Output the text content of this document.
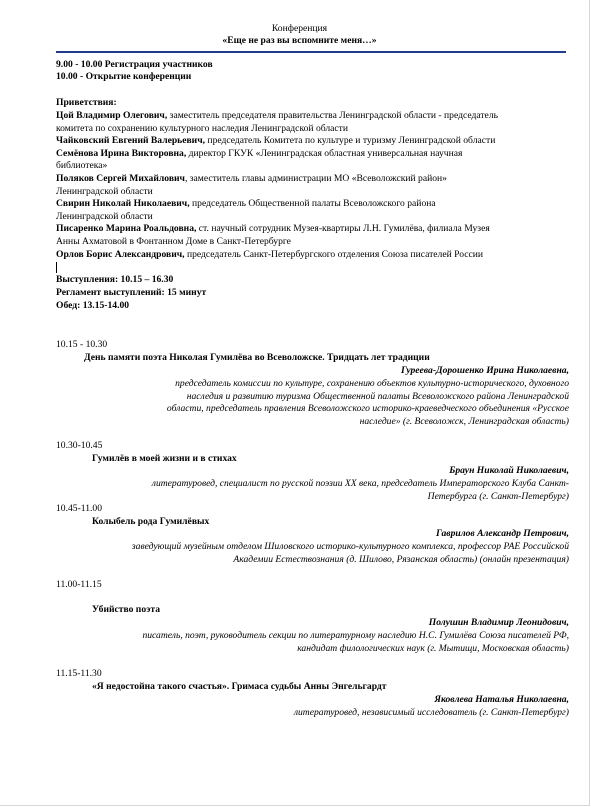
Конференция
«Еще не раз вы вспомните меня…»
9.00 - 10.00 Регистрация участников
10.00 - Открытие конференции
Приветствия:
Цой Владимир Олегович, заместитель председателя правительства Ленинградской области - председатель
комитета по сохранению культурного наследия Ленинградской области
Чайковский Евгений Валерьевич, председатель Комитета по культуре и туризму Ленинградской области
Семёнова Ирина Викторовна, директор ГКУК «Ленинградская областная универсальная научная
библиотека»
Поляков Сергей Михайлович, заместитель главы администрации МО «Всеволожский район»
Ленинградской области
Свирин Николай Николаевич, председатель Общественной палаты Всеволожского района
Ленинградской области
Писаренко Марина Роальдовна, ст. научный сотрудник Музея-квартиры Л.Н. Гумилёва, филиала Музея
Анны Ахматовой в Фонтанном Доме в Санкт-Петербурге
Орлов Борис Александрович, председатель Санкт-Петербургского отделения Союза писателей России
Выступления: 10.15 – 16.30
Регламент выступлений: 15 минут
Обед: 13.15-14.00
10.15 - 10.30
День памяти поэта Николая Гумилёва во Всеволожске. Тридцать лет традиции
Гуреева-Дорошенко Ирина Николаевна,
председатель комиссии по культуре, сохранению объектов культурно-исторического, духовного
наследия и развитию туризма Общественной палаты Всеволожского района Ленинградской
области, председатель правления Всеволожского историко-краеведческого объединения «Русское
наследие» (г. Всеволожск, Ленинградская область)
10.30-10.45
Гумилёв в моей жизни и в стихах
Браун Николай Николаевич,
литературовед, специалист по русской поэзии XX века, председатель Императорского Клуба Санкт-
Петербурга (г. Санкт-Петербург)
10.45-11.00
Колыбель рода Гумилёвых
Гаврилов Александр Петрович,
заведующий музейным отделом Шиловского историко-культурного комплекса, профессор РАЕ Российской
Академии Естествознания (д. Шилово, Рязанская область) (онлайн презентация)
11.00-11.15
Убийство поэта
Полушин Владимир Леонидович,
писатель, поэт, руководитель секции по литературному наследию Н.С. Гумилёва Союза писателей РФ,
кандидат филологических наук (г. Мытищи, Московская область)
11.15-11.30
«Я недостойна такого счастья». Гримаса судьбы Анны Энгельгардт
Яковлева Наталья Николаевна,
литературовед, независимый исследователь (г. Санкт-Петербург)
